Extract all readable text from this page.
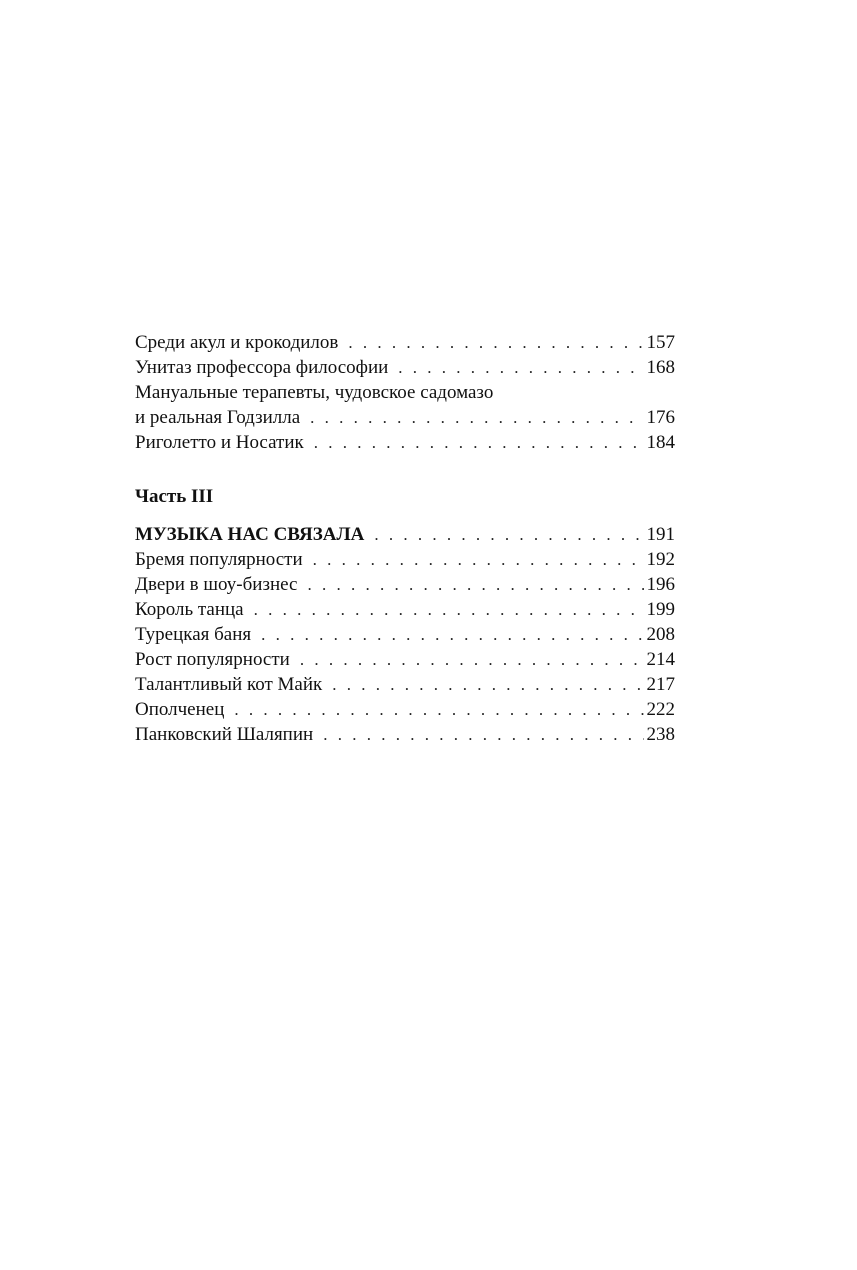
Среди акул и крокодилов . . .	157
Унитаз профессора философии . . .	168
Мануальные терапевты, чудовское садомазо
и реальная Годзилла . . .	176
Риголетто и Носатик . . .	184
Часть III
МУЗЫКА НАС СВЯЗАЛА . . .	191
Бремя популярности . . .	192
Двери в шоу-бизнес . . .	196
Король танца . . .	199
Турецкая баня . . .	208
Рост популярности . . .	214
Талантливый кот Майк . . .	217
Ополченец . . .	222
Панковский Шаляпин . . .	238
